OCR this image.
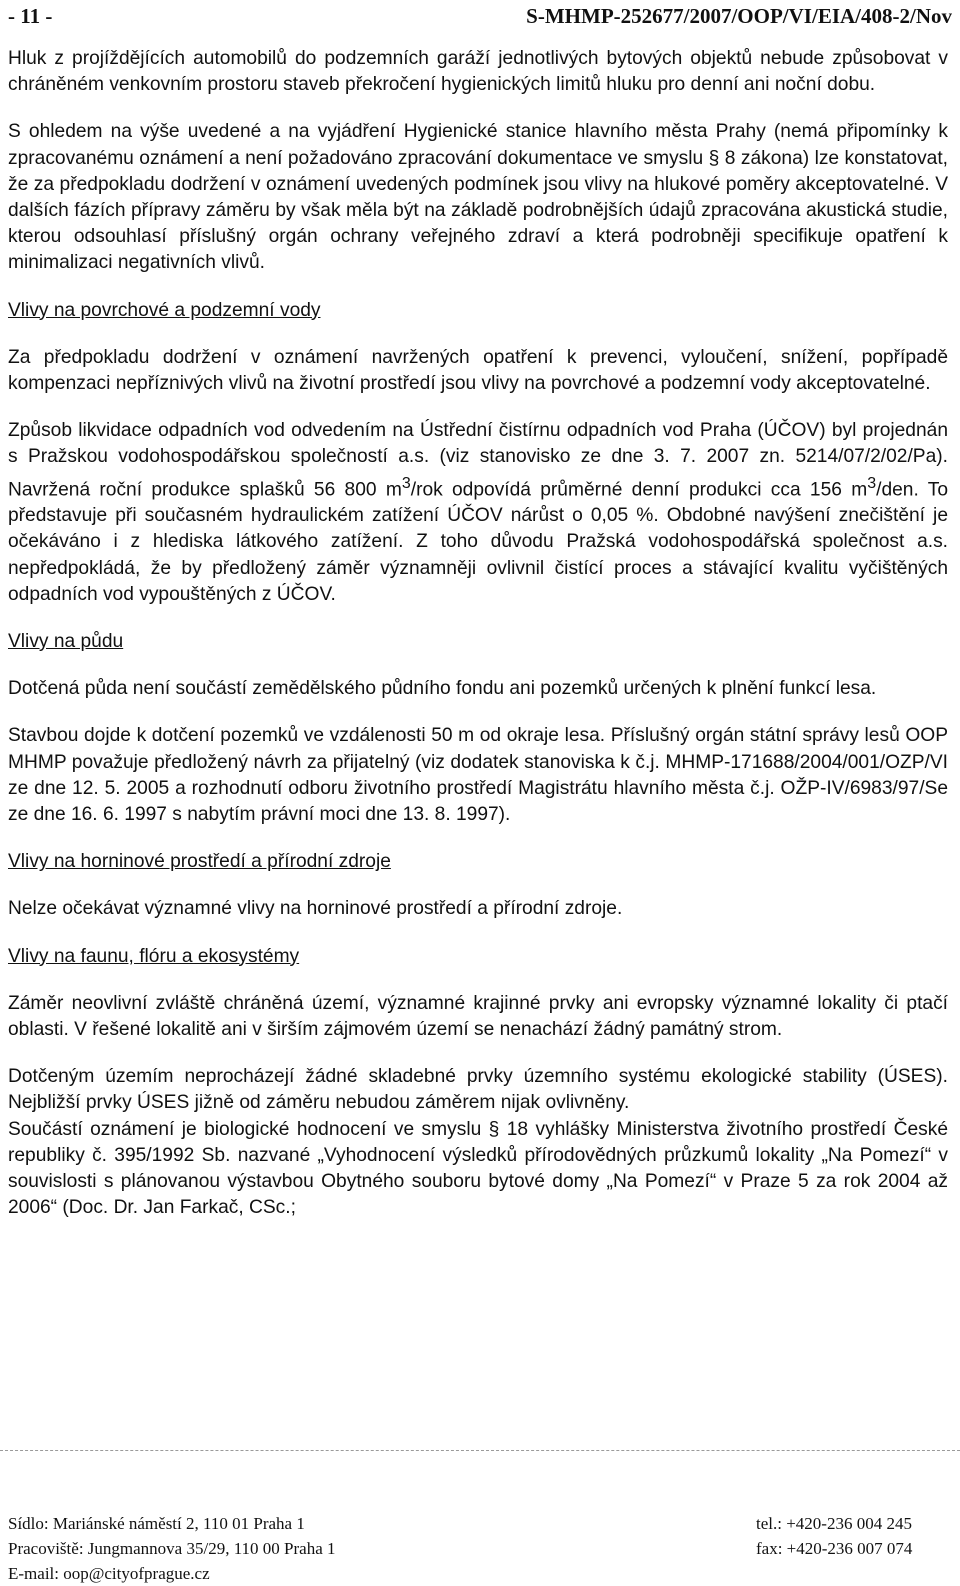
- 11 -	S-MHMP-252677/2007/OOP/VI/EIA/408-2/Nov

Hluk z projíždějících automobilů do podzemních garáží jednotlivých bytových objektů nebude způsobovat v chráněném venkovním prostoru staveb překročení hygienických limitů hluku pro denní ani noční dobu.

S ohledem na výše uvedené a na vyjádření Hygienické stanice hlavního města Prahy (nemá připomínky k zpracovanému oznámení a není požadováno zpracování dokumentace ve smyslu § 8 zákona) lze konstatovat, že za předpokladu dodržení v oznámení uvedených podmínek jsou vlivy na hlukové poměry akceptovatelné. V dalších fázích přípravy záměru by však měla být na základě podrobnějších údajů zpracována akustická studie, kterou odsouhlasí příslušný orgán ochrany veřejného zdraví a která podrobněji specifikuje opatření k minimalizaci negativních vlivů.

Vlivy na povrchové a podzemní vody

Za předpokladu dodržení v oznámení navržených opatření k prevenci, vyloučení, snížení, popřípadě kompenzaci nepříznivých vlivů na životní prostředí jsou vlivy na povrchové a podzemní vody akceptovatelné.

Způsob likvidace odpadních vod odvedením na Ústřední čistírnu odpadních vod Praha (ÚČOV) byl projednán s Pražskou vodohospodářskou společností a.s. (viz stanovisko ze dne 3. 7. 2007 zn. 5214/07/2/02/Pa). Navržená roční produkce splašků 56 800 $m^3$/rok odpovídá průměrné denní produkci cca 156 $m^3$/den. To představuje při současném hydraulickém zatížení ÚČOV nárůst o 0,05 %. Obdobné navýšení znečištění je očekáváno i z hlediska látkového zatížení. Z toho důvodu Pražská vodohospodářská společnost a.s. nepředpokládá, že by předložený záměr významněji ovlivnil čistící proces a stávající kvalitu vyčištěných odpadních vod vypouštěných z ÚČOV.

Vlivy na půdu

Dotčená půda není součástí zemědělského půdního fondu ani pozemků určených k plnění funkcí lesa.

Stavbou dojde k dotčení pozemků ve vzdálenosti 50 m od okraje lesa. Příslušný orgán státní správy lesů OOP MHMP považuje předložený návrh za přijatelný (viz dodatek stanoviska k č.j. MHMP-171688/2004/001/OZP/VI ze dne 12. 5. 2005 a rozhodnutí odboru životního prostředí Magistrátu hlavního města č.j. OŽP-IV/6983/97/Se ze dne 16. 6. 1997 s nabytím právní moci dne 13. 8. 1997).

Vlivy na horninové prostředí a přírodní zdroje

Nelze očekávat významné vlivy na horninové prostředí a přírodní zdroje.

Vlivy na faunu, flóru a ekosystémy

Záměr neovlivní zvláště chráněná území, významné krajinné prvky ani evropsky významné lokality či ptačí oblasti. V řešené lokalitě ani v širším zájmovém území se nenachází žádný památný strom.

Dotčeným územím neprocházejí žádné skladebné prvky územního systému ekologické stability (ÚSES). Nejbližší prvky ÚSES jižně od záměru nebudou záměrem nijak ovlivněny.

Součástí oznámení je biologické hodnocení ve smyslu § 18 vyhlášky Ministerstva životního prostředí České republiky č. 395/1992 Sb. nazvané „Vyhodnocení výsledků přírodovědných průzkumů lokality „Na Pomezí“ v souvislosti s plánovanou výstavbou Obytného souboru bytové domy „Na Pomezí“ v Praze 5 za rok 2004 až 2006“ (Doc. Dr. Jan Farkač, CSc.;

Sídlo: Mariánské náměstí 2, 110 01 Praha 1
Pracoviště: Jungmannova 35/29, 110 00 Praha 1
E-mail: oop@cityofprague.cz
tel.: +420-236 004 245
fax: +420-236 007 074
